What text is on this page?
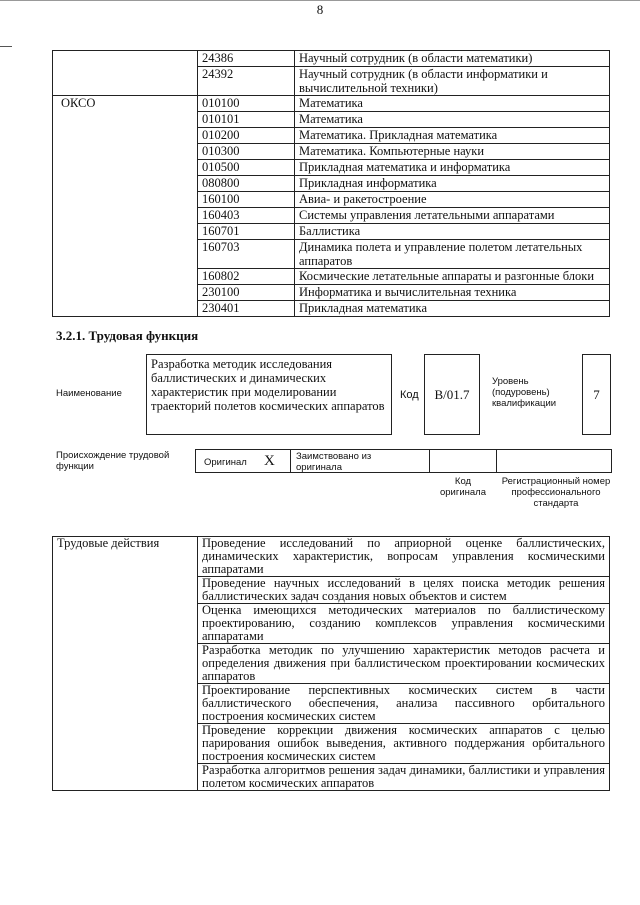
8
	24386	Научный сотрудник (в области математики)
	24392	Научный сотрудник (в области информатики и вычислительной техники)
ОКСО	010100	Математика
	010101	Математика
	010200	Математика. Прикладная математика
	010300	Математика. Компьютерные науки
	010500	Прикладная математика и информатика
	080800	Прикладная информатика
	160100	Авиа- и ракетостроение
	160403	Системы управления летательными аппаратами
	160701	Баллистика
	160703	Динамика полета и управление полетом летательных аппаратов
	160802	Космические летательные аппараты и разгонные блоки
	230100	Информатика и вычислительная техника
	230401	Прикладная математика
3.2.1. Трудовая функция
Наименование
Разработка методик исследования баллистических и динамических характеристик при моделировании траекторий полетов космических аппаратов
Код	В/01.7
Уровень (подуровень) квалификации
7
Происхождение трудовой функции	Оригинал X Заимствовано из оригинала
Код оригинала
Регистрационный номер профессионального стандарта
Трудовые действия	Проведение исследований по априорной оценке баллистических, динамических характеристик, вопросам управления космическими аппаратами
Проведение научных исследований в целях поиска методик решения баллистических задач создания новых объектов и систем
Оценка имеющихся методических материалов по баллистическому проектированию, созданию комплексов управления космическими аппаратами
Разработка методик по улучшению характеристик методов расчета и определения движения при баллистическом проектировании космических аппаратов
Проектирование перспективных космических систем в части баллистического обеспечения, анализа пассивного орбитального построения космических систем
Проведение коррекции движения космических аппаратов с целью парирования ошибок выведения, активного поддержания орбитального построения космических систем
Разработка алгоритмов решения задач динамики, баллистики и управления полетом космических аппаратов
